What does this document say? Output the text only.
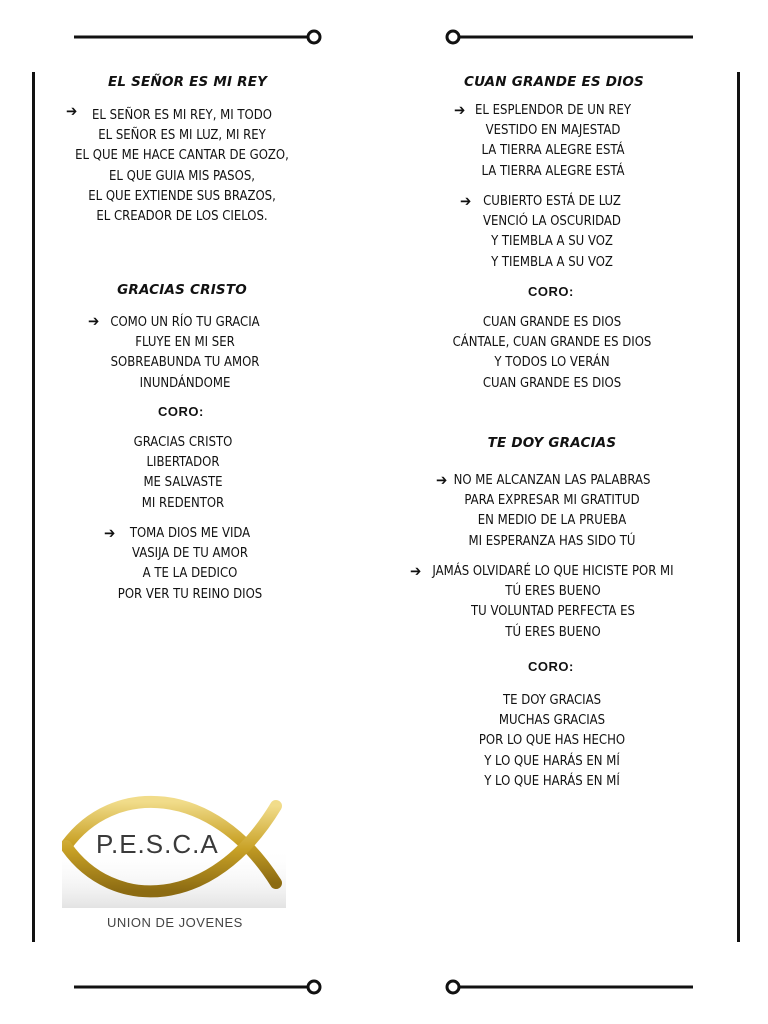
EL SEÑOR ES MI REY
➔	EL SEÑOR ES MI REY, MI TODO
EL SEÑOR ES MI LUZ, MI REY
EL QUE ME HACE CANTAR DE GOZO,
EL QUE GUIA MIS PASOS,
EL QUE EXTIENDE SUS BRAZOS,
EL CREADOR DE LOS CIELOS.
GRACIAS CRISTO
➔ COMO UN RÍO TU GRACIA
FLUYE EN MI SER
SOBREABUNDA TU AMOR
INUNDÁNDOME
CORO:
GRACIAS CRISTO
LIBERTADOR
ME SALVASTE
MI REDENTOR
➔	TOMA DIOS ME VIDA
VASIJA DE TU AMOR
A TE LA DEDICO
POR VER TU REINO DIOS
P.E.S.C.A
UNION DE JOVENES
CUAN GRANDE ES DIOS
➔ EL ESPLENDOR DE UN REY
VESTIDO EN MAJESTAD
LA TIERRA ALEGRE ESTÁ
LA TIERRA ALEGRE ESTÁ
➔ CUBIERTO ESTÁ DE LUZ
VENCIÓ LA OSCURIDAD
Y TIEMBLA A SU VOZ
Y TIEMBLA A SU VOZ
CORO:
CUAN GRANDE ES DIOS
CÁNTALE, CUAN GRANDE ES DIOS
Y TODOS LO VERÁN
CUAN GRANDE ES DIOS
TE DOY GRACIAS
➔ NO ME ALCANZAN LAS PALABRAS
PARA EXPRESAR MI GRATITUD
EN MEDIO DE LA PRUEBA
MI ESPERANZA HAS SIDO TÚ
➔ JAMÁS OLVIDARÉ LO QUE HICISTE POR MI
TÚ ERES BUENO
TU VOLUNTAD PERFECTA ES
TÚ ERES BUENO
CORO:
TE DOY GRACIAS
MUCHAS GRACIAS
POR LO QUE HAS HECHO
Y LO QUE HARÁS EN MÍ
Y LO QUE HARÁS EN MÍ
